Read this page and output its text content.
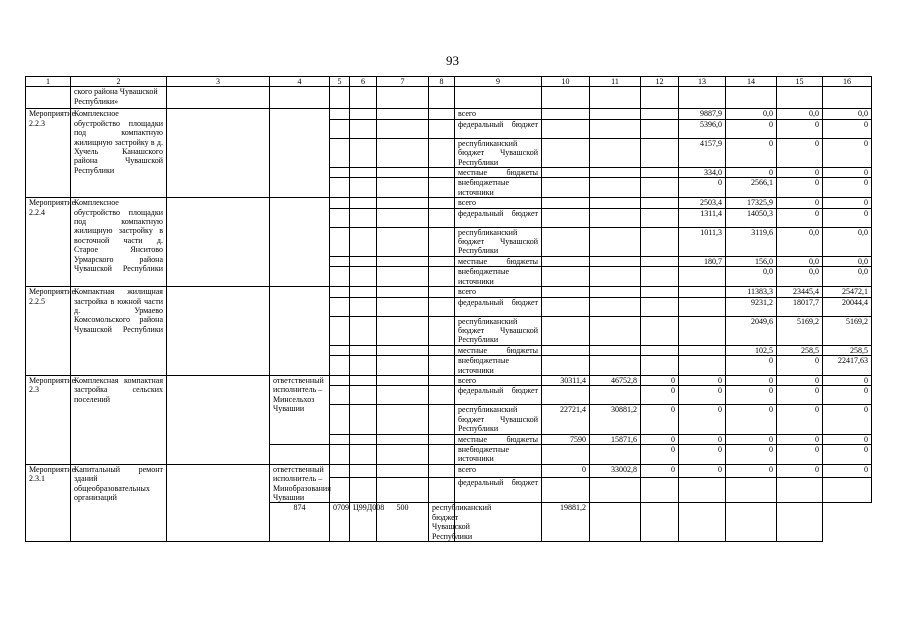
93
1	2	3	4	5	6	7	8	9	10	11	12	13	14	15	16
	ского района Чувашской Республики»														
Мероприятие 2.2.3	Комплексное обустройство площадки под компактную жилищную застройку в д. Хучель Канашского района Чувашской Республики							всего				9887,9	0,0	0,0	0,0
								федеральный бюджет				5396,0	0	0	0
								республиканский бюджет Чувашской Республики				4157,9	0	0	0
								местные бюджеты				334,0	0	0	0
								внебюджетные источники				0	2566,1	0	0
Мероприятие 2.2.4	Комплексное обустройство площадки под компактную жилищную застройку в восточной части д. Старое Янситово Урмарского района Чувашской Республики							всего				2503,4	17325,9	0	0
								федеральный бюджет				1311,4	14050,3	0	0
								республиканский бюджет Чувашской Республики				1011,3	3119,6	0,0	0,0
								местные бюджеты				180,7	156,0	0,0	0,0
								внебюджетные источники					0,0	0,0	0,0
Мероприятие 2.2.5	Компактная жилищная застройка в южной части д. Урмаево Комсомольского района Чувашской Республики							всего					11383,3	23445,4	25472,1
								федеральный бюджет					9231,2	18017,7	20044,4
								республиканский бюджет Чувашской Республики					2049,6	5169,2	5169,2
								местные бюджеты					102,5	258,5	258,5
								внебюджетные источники					0	0	22417,63
Мероприятие 2.3	Комплексная компактная застройка сельских поселений		ответственный исполнитель – Минсельхоз Чувашии					всего	30311,4	46752,8	0	0	0	0	0
								федеральный бюджет			0	0	0	0	0
								республиканский бюджет Чувашской Республики	22721,4	30881,2	0	0	0	0	0
								местные бюджеты	7590	15871,6	0	0	0	0	0
								внебюджетные источники			0	0	0	0	0
Мероприятие 2.3.1	Капитальный ремонт зданий общеобразовательных организаций		ответственный исполнитель – Минобразования Чувашии					всего	0	33002,8	0	0	0	0	0
								федеральный бюджет							
			874	0709	Ц99Д008	500	республиканский бюджет Чувашской Республики		19881,2						
